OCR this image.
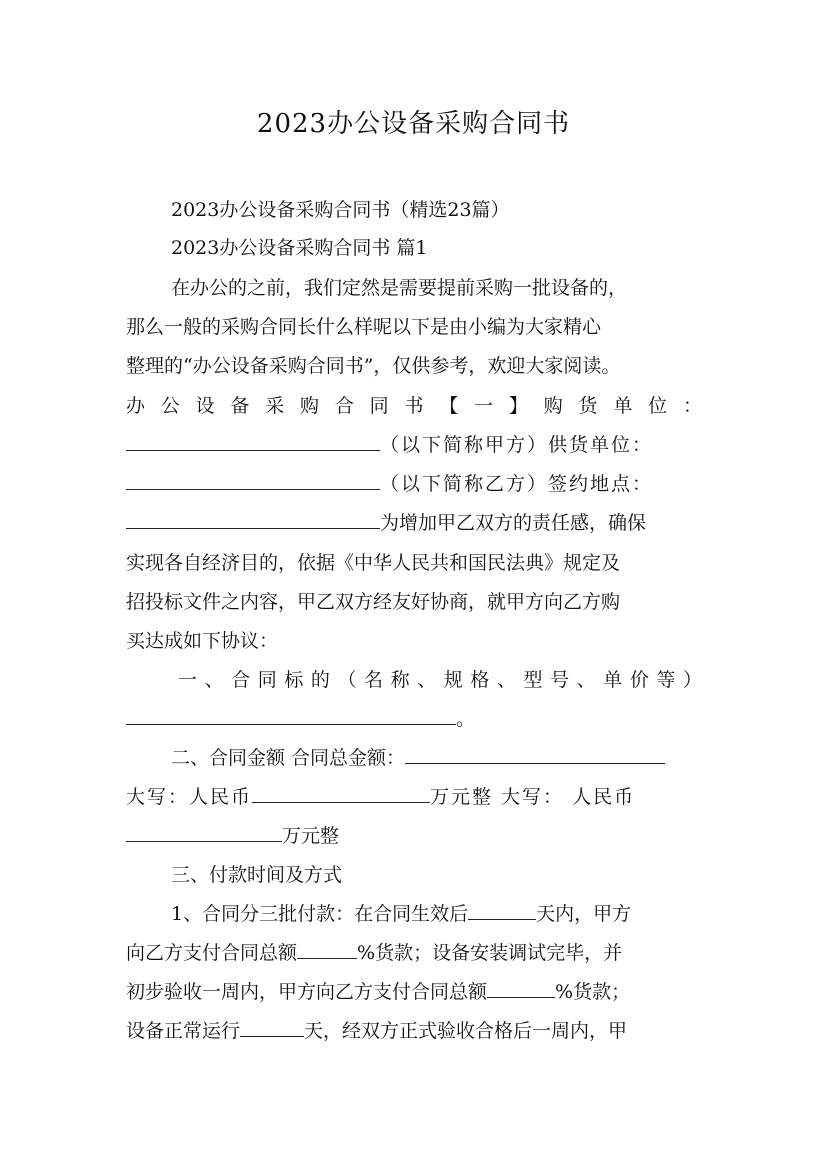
2023办公设备采购合同书
2023办公设备采购合同书（精选23篇）
2023办公设备采购合同书 篇1
在办公的之前，我们定然是需要提前采购一批设备的，
那么一般的采购合同长什么样呢以下是由小编为大家精心
整理的“办公设备采购合同书”，仅供参考，欢迎大家阅读。
办 公 设 备 采 购 合 同 书 【 一 】 购 货 单 位 ：
（以下简称甲方）供货单位：
（以下简称乙方）签约地点：
为增加甲乙双方的责任感，确保
实现各自经济目的，依据《中华人民共和国民法典》规定及
招投标文件之内容，甲乙双方经友好协商，就甲方向乙方购
买达成如下协议：
一、合同标的（名称、规格、型号、单价等）
。
二、合同金额 合同总金额：
大写：人民币	万元整 大写： 人民币
万元整
三、付款时间及方式
1、合同分三批付款：在合同生效后	天内，甲方
向乙方支付合同总额	%货款；设备安装调试完毕，并
初步验收一周内，甲方向乙方支付合同总额	%货款；
设备正常运行	天，经双方正式验收合格后一周内，甲
